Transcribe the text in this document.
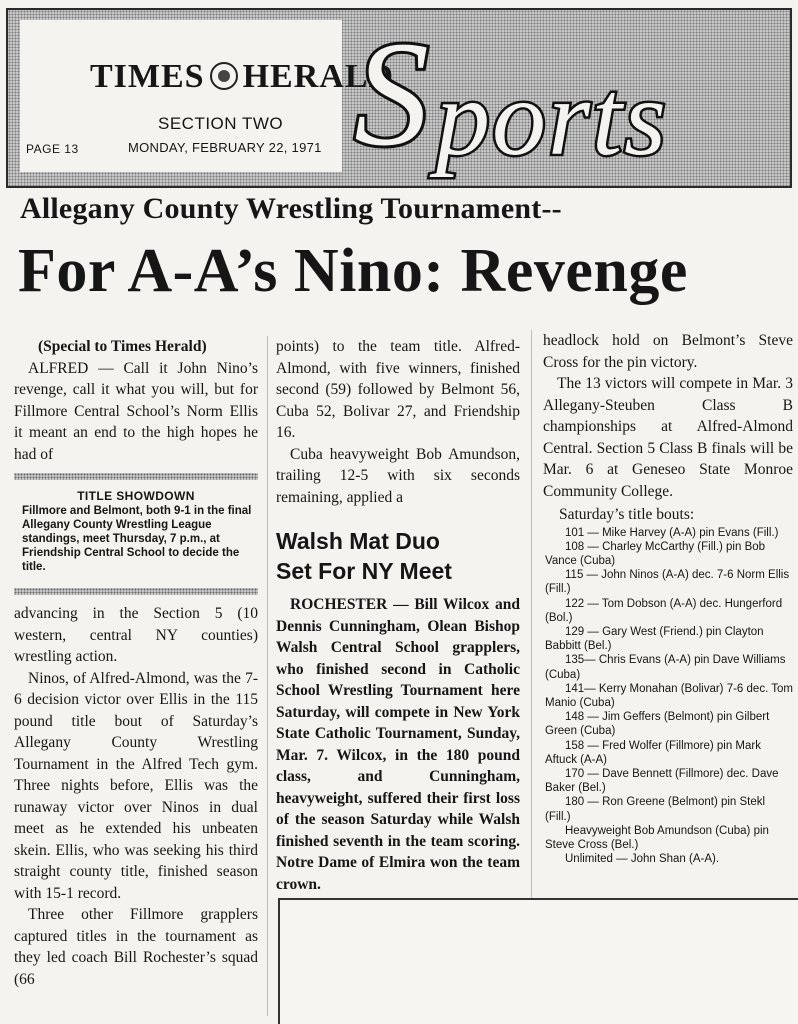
TIMES HERALD
SECTION TWO
PAGE 13	MONDAY, FEBRUARY 22, 1971 S ports
Allegany County Wrestling Tournament--
For A-A’s Nino: Revenge

(Special to Times Herald)

ALFRED — Call it John Nino’s revenge, call it what you will, but for Fillmore Central School’s Norm Ellis it meant an end to the high hopes he had of

TITLE SHOWDOWN
Fillmore and Belmont, both 9-1 in the final Allegany County Wrestling League standings, meet Thursday, 7 p.m., at Friendship Central School to decide the title.

advancing in the Section 5 (10 western, central NY counties) wrestling action.

Ninos, of Alfred-Almond, was the 7-6 decision victor over Ellis in the 115 pound title bout of Saturday’s Allegany County Wrestling Tournament in the Alfred Tech gym. Three nights before, Ellis was the runaway victor over Ninos in dual meet as he extended his unbeaten skein. Ellis, who was seeking his third straight county title, finished season with 15-1 record.

Three other Fillmore grapplers captured titles in the tournament as they led coach Bill Rochester’s squad (66

points) to the team title. Alfred-Almond, with five winners, finished second (59) followed by Belmont 56, Cuba 52, Bolivar 27, and Friendship 16.

Cuba heavyweight Bob Amundson, trailing 12-5 with six seconds remaining, applied a

Walsh Mat Duo
Set For NY Meet

ROCHESTER — Bill Wilcox and Dennis Cunningham, Olean Bishop Walsh Central School grapplers, who finished second in Catholic School Wrestling Tournament here Saturday, will compete in New York State Catholic Tournament, Sunday, Mar. 7. Wilcox, in the 180 pound class, and Cunningham, heavyweight, suffered their first loss of the season Saturday while Walsh finished seventh in the team scoring. Notre Dame of Elmira won the team crown.

headlock hold on Belmont’s Steve Cross for the pin victory.

The 13 victors will compete in Mar. 3 Allegany-Steuben Class B championships at Alfred-Almond Central. Section 5 Class B finals will be Mar. 6 at Geneseo State Monroe Community College.

Saturday’s title bouts:

101 — Mike Harvey (A-A) pin Evans (Fill.)

108 — Charley McCarthy (Fill.) pin Bob Vance (Cuba)

115 — John Ninos (A-A) dec. 7-6 Norm Ellis (Fill.)

122 — Tom Dobson (A-A) dec. Hungerford (Bol.)

129 — Gary West (Friend.) pin Clayton Babbitt (Bel.)

135— Chris Evans (A-A) pin Dave Williams (Cuba)

141— Kerry Monahan (Bolivar) 7-6 dec. Tom Manio (Cuba)

148 — Jim Geffers (Belmont) pin Gilbert Green (Cuba)

158 — Fred Wolfer (Fillmore) pin Mark Aftuck (A-A)

170 — Dave Bennett (Fillmore) dec. Dave Baker (Bel.)

180 — Ron Greene (Belmont) pin Stekl (Fill.)

Heavyweight Bob Amundson (Cuba) pin Steve Cross (Bel.)

Unlimited — John Shan (A-A).
